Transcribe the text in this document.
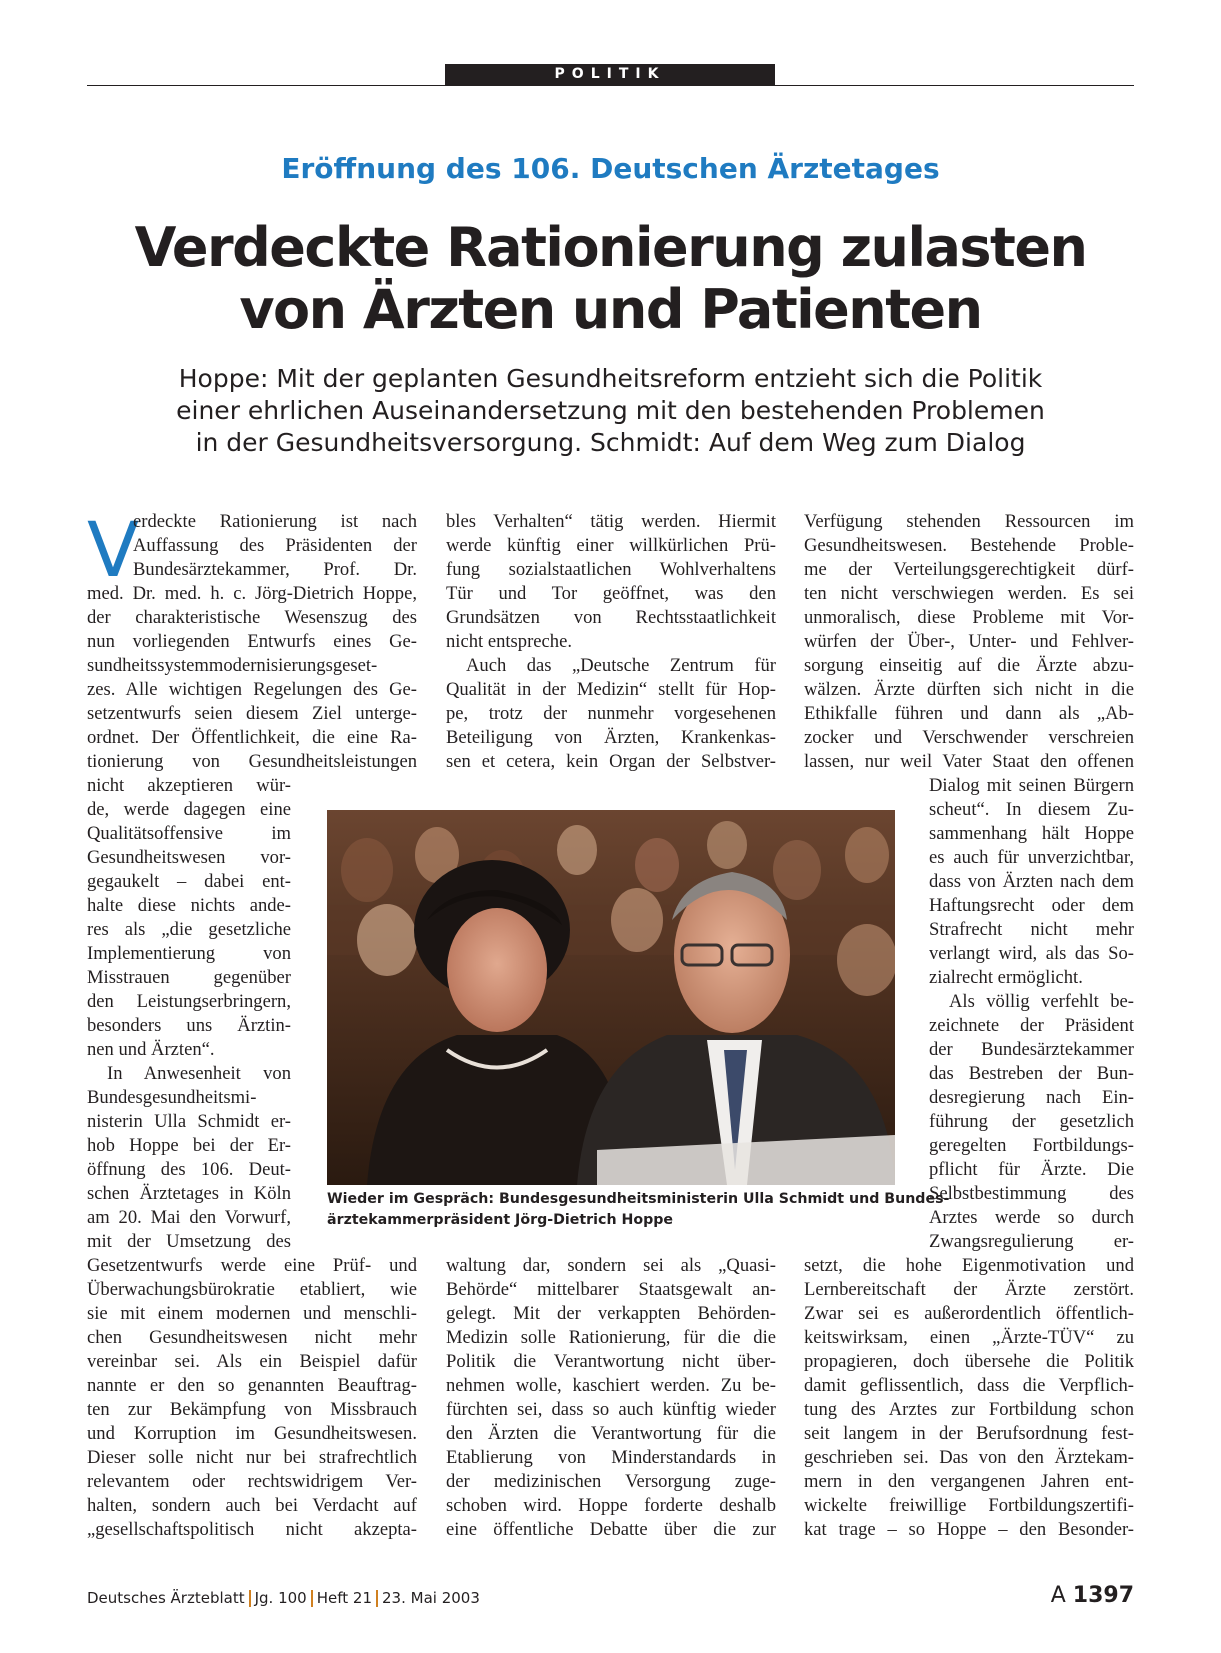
POLITIK
Eröffnung des 106. Deutschen Ärztetages
Verdeckte Rationierung zulasten
von Ärzten und Patienten
Hoppe: Mit der geplanten Gesundheitsreform entzieht sich die Politik
einer ehrlichen Auseinandersetzung mit den bestehenden Problemen
in der Gesundheitsversorgung. Schmidt: Auf dem Weg zum Dialog
V
erdeckte Rationierung ist nach
Auffassung des Präsidenten der
Bundesärztekammer, Prof. Dr.
med. Dr. med. h. c. Jörg-Dietrich Hoppe,
der charakteristische Wesenszug des
nun vorliegenden Entwurfs eines Ge-
sundheitssystemmodernisierungsgeset-
zes. Alle wichtigen Regelungen des Ge-
setzentwurfs seien diesem Ziel untergе-
ordnet. Der Öffentlichkeit, die eine Ra-
tionierung von Gesundheitsleistungen
nicht akzeptieren wür-
de, werde dagegen eine
Qualitätsoffensive im
Gesundheitswesen vor-
gegaukelt – dabei ent-
halte diese nichts ande-
res als „die gesetzliche
Implementierung von
Misstrauen gegenüber
den Leistungserbringern,
besonders uns Ärztin-
nen und Ärzten“.
In Anwesenheit von
Bundesgesundheitsmi-
nisterin Ulla Schmidt er-
hob Hoppe bei der Er-
öffnung des 106. Deut-
schen Ärztetages in Köln
am 20. Mai den Vorwurf,
mit der Umsetzung des
Gesetzentwurfs werde eine Prüf- und
Überwachungsbürokratie etabliert, wie
sie mit einem modernen und menschli-
chen Gesundheitswesen nicht mehr
vereinbar sei. Als ein Beispiel dafür
nannte er den so genannten Beauftrag-
ten zur Bekämpfung von Missbrauch
und Korruption im Gesundheitswesen.
Dieser solle nicht nur bei strafrechtlich
relevantem oder rechtswidrigem Ver-
halten, sondern auch bei Verdacht auf
„gesellschaftspolitisch nicht akzepta-
bles Verhalten“ tätig werden. Hiermit
werde künftig einer willkürlichen Prü-
fung sozialstaatlichen Wohlverhaltens
Tür und Tor geöffnet, was den
Grundsätzen von Rechtsstaatlichkeit
nicht entspreche.
Auch das „Deutsche Zentrum für
Qualität in der Medizin“ stellt für Hop-
pe, trotz der nunmehr vorgesehenen
Beteiligung von Ärzten, Krankenkas-
sen et cetera, kein Organ der Selbstver-
waltung dar, sondern sei als „Quasi-
Behörde“ mittelbarer Staatsgewalt an-
gelegt. Mit der verkappten Behörden-
Medizin solle Rationierung, für die die
Politik die Verantwortung nicht über-
nehmen wolle, kaschiert werden. Zu be-
fürchten sei, dass so auch künftig wieder
den Ärzten die Verantwortung für die
Etablierung von Minderstandards in
der medizinischen Versorgung zuge-
schoben wird. Hoppe forderte deshalb
eine öffentliche Debatte über die zur
Verfügung stehenden Ressourcen im
Gesundheitswesen. Bestehende Proble-
me der Verteilungsgerechtigkeit dürf-
ten nicht verschwiegen werden. Es sei
unmoralisch, diese Probleme mit Vor-
würfen der Über-, Unter- und Fehlver-
sorgung einseitig auf die Ärzte abzu-
wälzen. Ärzte dürften sich nicht in die
Ethikfalle führen und dann als „Ab-
zocker und Verschwender verschreien
lassen, nur weil Vater Staat den offenen
Dialog mit seinen Bürgern
scheut“. In diesem Zu-
sammenhang hält Hoppe
es auch für unverzichtbar,
dass von Ärzten nach dem
Haftungsrecht oder dem
Strafrecht nicht mehr
verlangt wird, als das So-
zialrecht ermöglicht.
Als völlig verfehlt be-
zeichnete der Präsident
der Bundesärztekammer
das Bestreben der Bun-
desregierung nach Ein-
führung der gesetzlich
geregelten Fortbildungs-
pflicht für Ärzte. Die
Selbstbestimmung des
Arztes werde so durch
Zwangsregulierung er-
setzt, die hohe Eigenmotivation und
Lernbereitschaft der Ärzte zerstört.
Zwar sei es außerordentlich öffentlich-
keitswirksam, einen „Ärzte-TÜV“ zu
propagieren, doch übersehe die Politik
damit geflissentlich, dass die Verpflich-
tung des Arztes zur Fortbildung schon
seit langem in der Berufsordnung fest-
geschrieben sei. Das von den Ärztekam-
mern in den vergangenen Jahren ent-
wickelte freiwillige Fortbildungszertifi-
kat trage – so Hoppe – den Besonder-
Wieder im Gespräch: Bundesgesundheitsministerin Ulla Schmidt und Bundes-
ärztekammerpräsident Jörg-Dietrich Hoppe
Deutsches Ärzteblatt Jg. 100 Heft 21 23. Mai 2003	A 1397
